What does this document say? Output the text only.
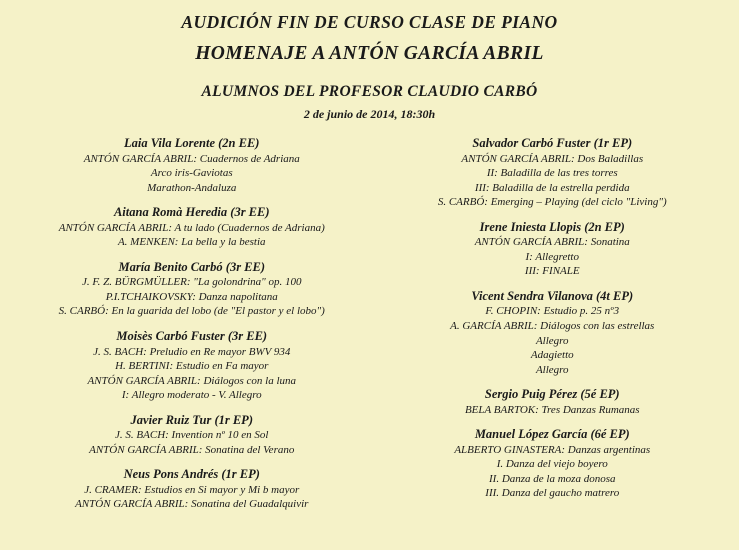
AUDICIÓN FIN DE CURSO CLASE DE PIANO
HOMENAJE A ANTÓN GARCÍA ABRIL
ALUMNOS DEL PROFESOR CLAUDIO CARBÓ
2 de junio de 2014, 18:30h
Laia Vila Lorente (2n EE)
ANTÓN GARCÍA ABRIL: Cuadernos de Adriana
Arco iris-Gaviotas
Marathon-Andaluza
Aitana Romà Heredia (3r EE)
ANTÓN GARCÍA ABRIL: A tu lado (Cuadernos de Adriana)
A. MENKEN: La bella y la bestia
María Benito Carbó (3r EE)
J. F. Z. BÜRGMÜLLER: "La golondrina" op. 100
P.I.TCHAIKOVSKY: Danza napolitana
S. CARBÓ: En la guarida del lobo (de "El pastor y el lobo")
Moisès Carbó Fuster (3r EE)
J. S. BACH: Preludio en Re mayor BWV 934
H. BERTINI: Estudio en Fa mayor
ANTÓN GARCÍA ABRIL: Diálogos con la luna
I: Allegro moderato - V. Allegro
Javier Ruiz Tur (1r EP)
J. S. BACH: Invention nº 10 en Sol
ANTÓN GARCÍA ABRIL: Sonatina del Verano
Neus Pons Andrés (1r EP)
J. CRAMER: Estudios en Si mayor y Mi b mayor
ANTÓN GARCÍA ABRIL: Sonatina del Guadalquivir
Salvador Carbó Fuster (1r EP)
ANTÓN GARCÍA ABRIL: Dos Baladillas
II: Baladilla de las tres torres
III: Baladilla de la estrella perdida
S. CARBÓ: Emerging – Playing (del ciclo "Living")
Irene Iniesta Llopis (2n EP)
ANTÓN GARCÍA ABRIL: Sonatina
I: Allegretto
III: FINALE
Vicent Sendra Vilanova (4t EP)
F. CHOPIN: Estudio p. 25 nº3
A. GARCÍA ABRIL: Diálogos con las estrellas
Allegro
Adagietto
Allegro
Sergio Puig Pérez (5é EP)
BELA BARTOK: Tres Danzas Rumanas
Manuel López García (6é EP)
ALBERTO GINASTERA: Danzas argentinas
I. Danza del viejo boyero
II. Danza de la moza donosa
III. Danza del gaucho matrero
